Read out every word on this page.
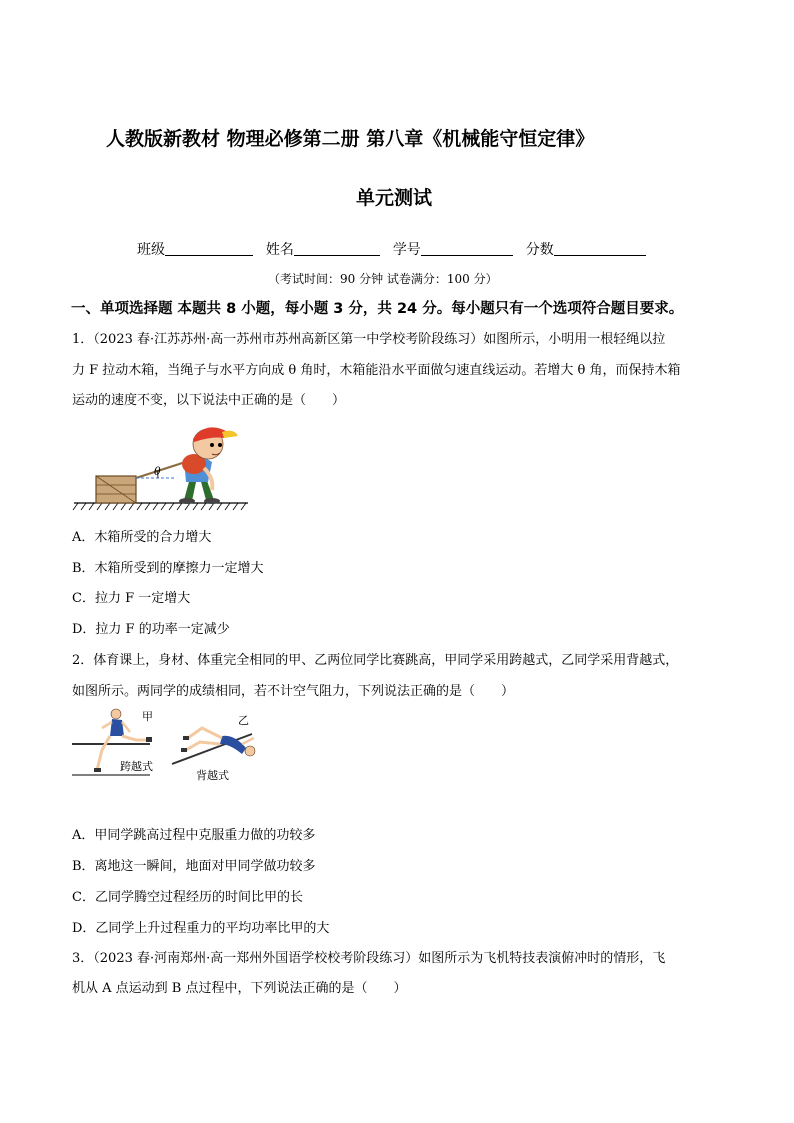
人教版新教材 物理必修第二册 第八章《机械能守恒定律》
单元测试
班级	姓名	学号	分数
（考试时间：90 分钟 试卷满分：100 分）
一、单项选择题 本题共 8 小题，每小题 3 分，共 24 分。每小题只有一个选项符合题目要求。
1．（2023 春·江苏苏州·高一苏州市苏州高新区第一中学校考阶段练习）如图所示，小明用一根轻绳以拉
力 F 拉动木箱，当绳子与水平方向成 θ 角时，木箱能沿水平面做匀速直线运动。若增大 θ 角，而保持木箱
运动的速度不变，以下说法中正确的是（　　）
θ
A．木箱所受的合力增大
B．木箱所受到的摩擦力一定增大
C．拉力 F 一定增大
D．拉力 F 的功率一定减少
2．体育课上，身材、体重完全相同的甲、乙两位同学比赛跳高，甲同学采用跨越式，乙同学采用背越式，
如图所示。两同学的成绩相同，若不计空气阻力，下列说法正确的是（　　）
甲
跨越式
乙
背越式
A．甲同学跳高过程中克服重力做的功较多
B．离地这一瞬间，地面对甲同学做功较多
C．乙同学腾空过程经历的时间比甲的长
D．乙同学上升过程重力的平均功率比甲的大
3．（2023 春·河南郑州·高一郑州外国语学校校考阶段练习）如图所示为飞机特技表演俯冲时的情形，飞
机从 A 点运动到 B 点过程中，下列说法正确的是（　　）
